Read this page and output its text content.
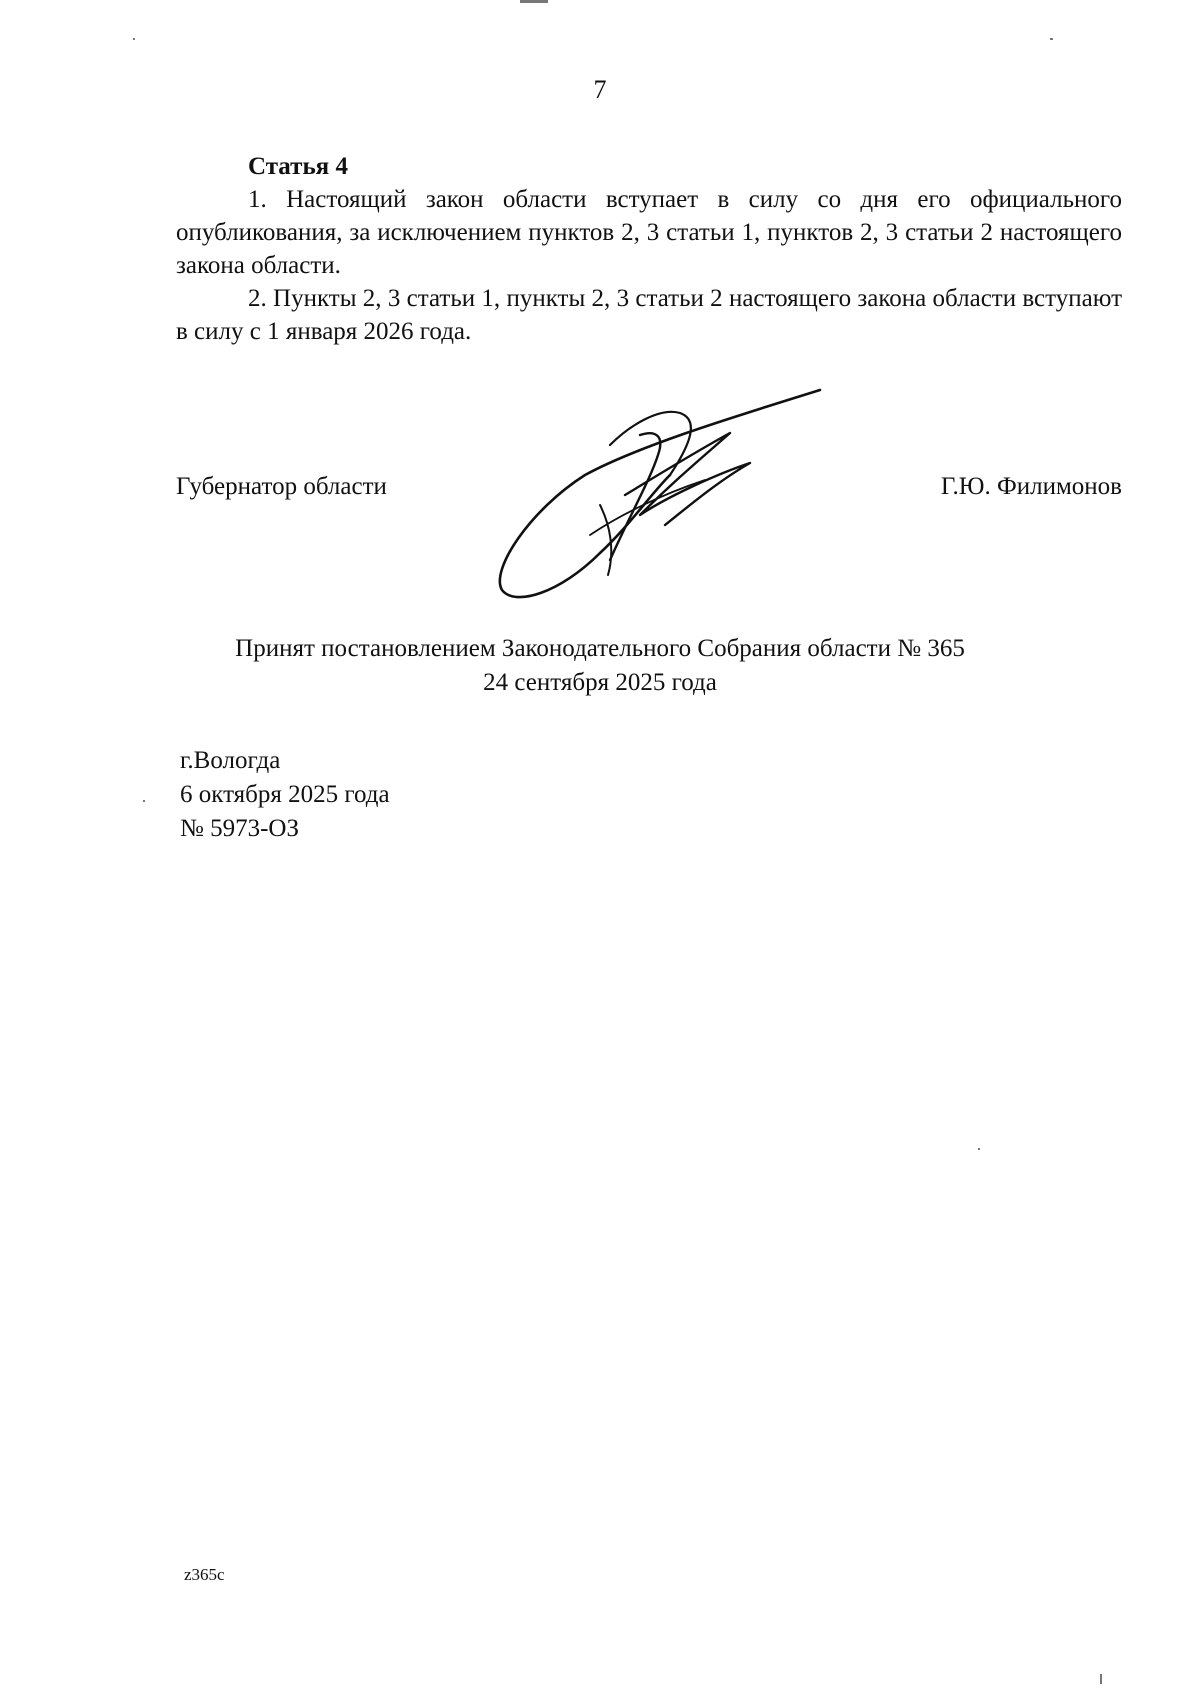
7

Статья 4

1. Настоящий закон области вступает в силу со дня его официального опубликования, за исключением пунктов 2, 3 статьи 1, пунктов 2, 3 статьи 2 настоящего закона области.

2. Пункты 2, 3 статьи 1, пункты 2, 3 статьи 2 настоящего закона области вступают в силу с 1 января 2026 года.

Губернатор области	Г.Ю. Филимонов
Принят постановлением Законодательного Собрания области № 365
24 сентября 2025 года
г.Вологда
6 октября 2025 года
№ 5973-ОЗ
z365c
